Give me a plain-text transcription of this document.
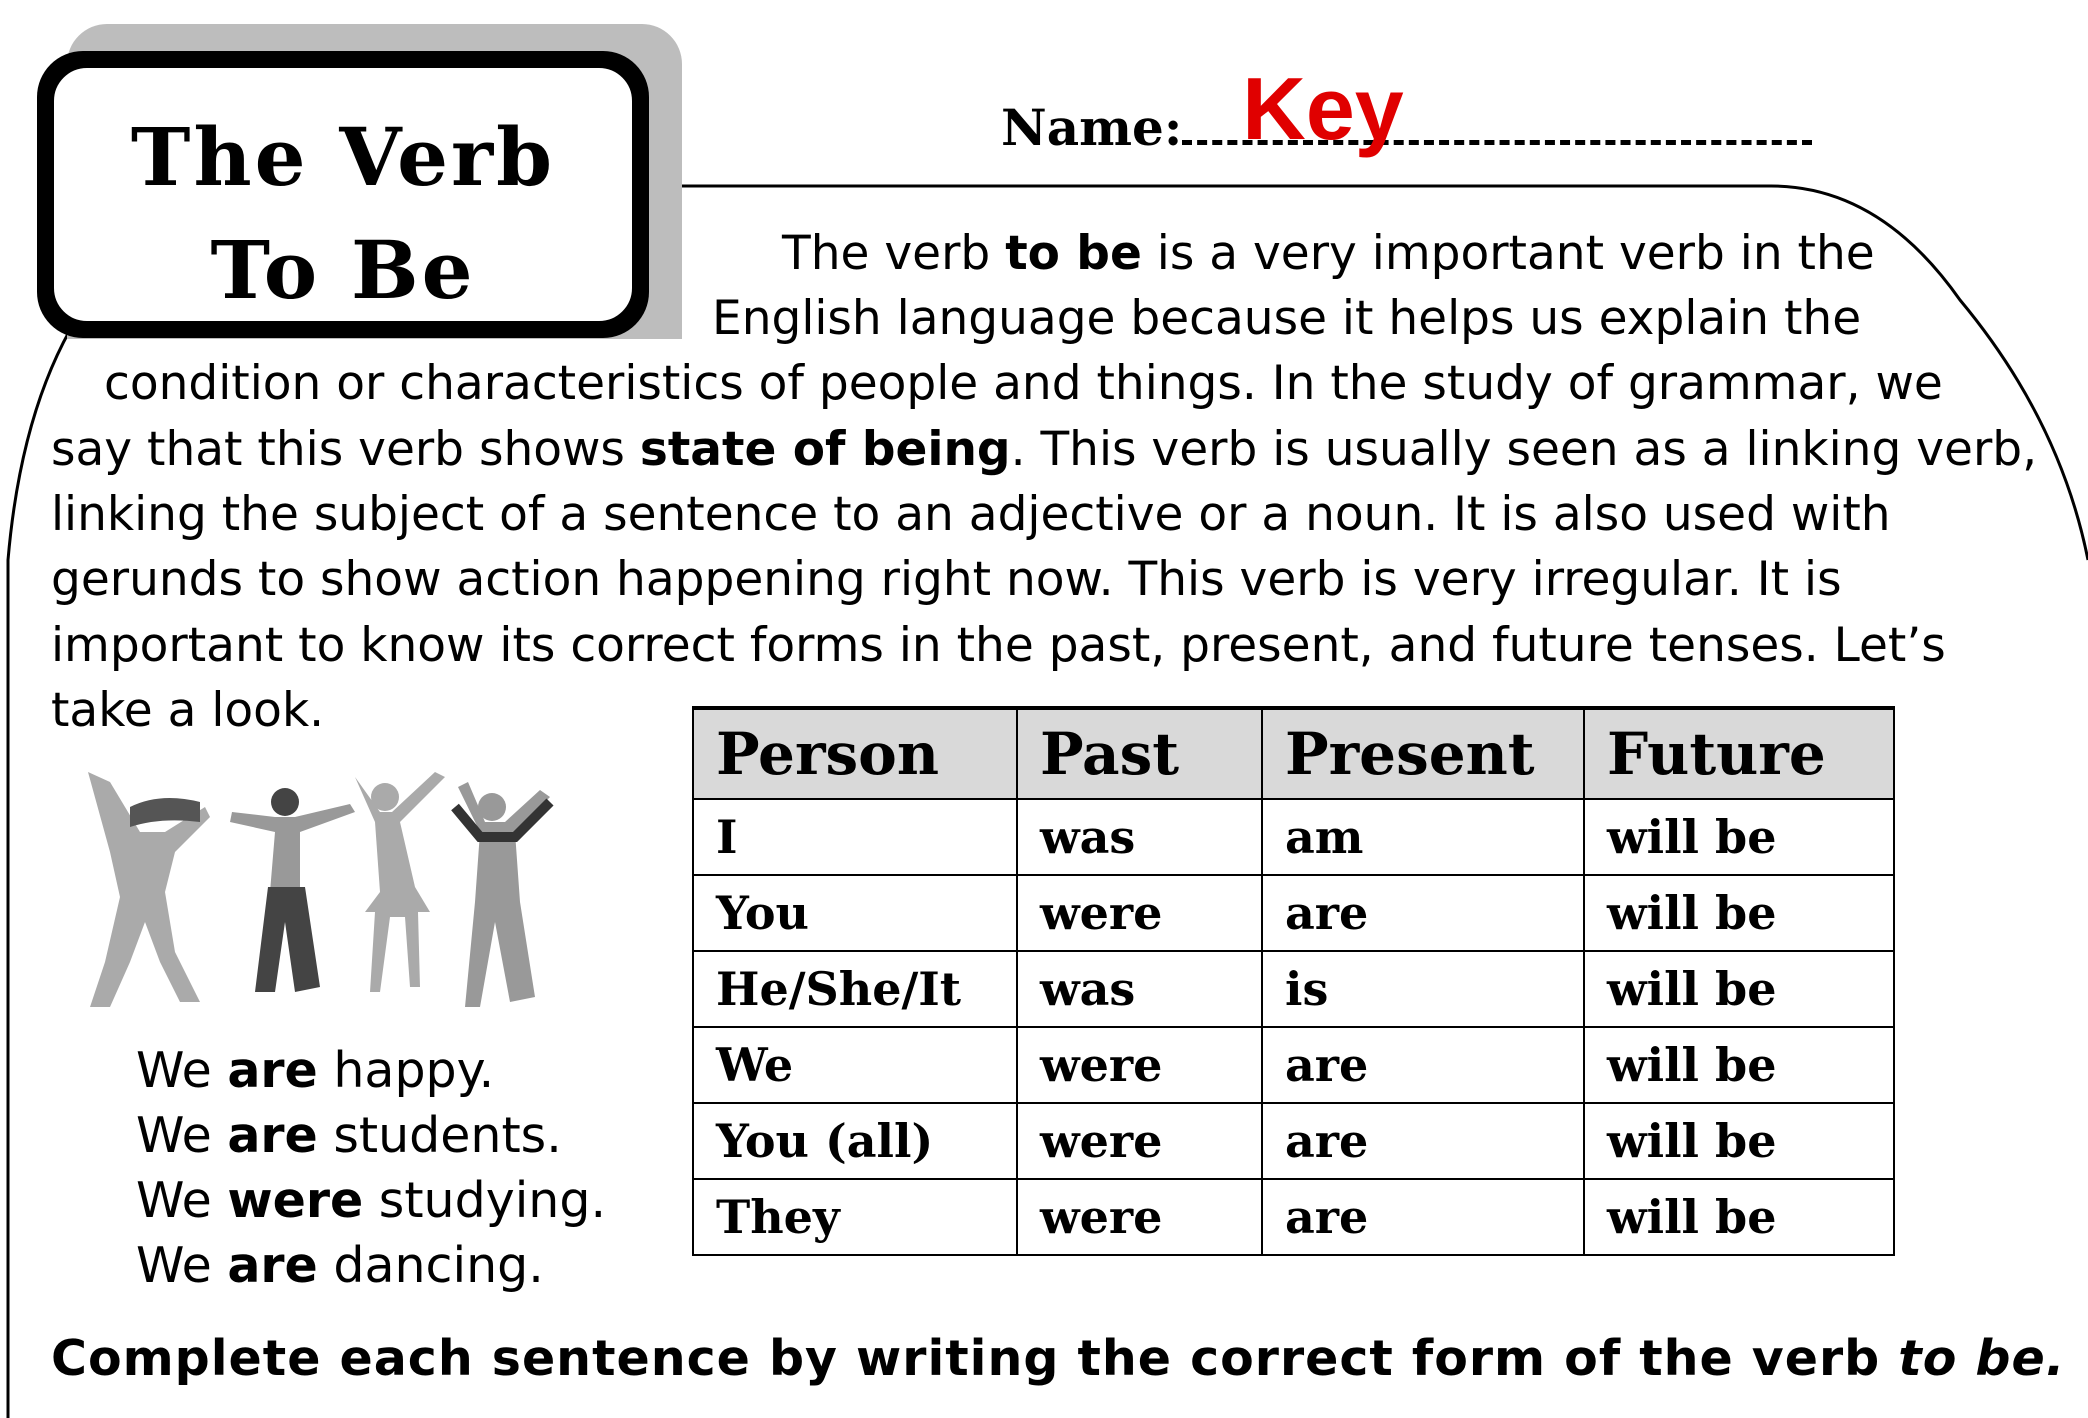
The Verb
To Be
Name: Key
The verb to be is a very important verb in the
English language because it helps us explain the
condition or characteristics of people and things. In the study of grammar, we
say that this verb shows state of being. This verb is usually seen as a linking verb,
linking the subject of a sentence to an adjective or a noun. It is also used with
gerunds to show action happening right now. This verb is very irregular. It is
important to know its correct forms in the past, present, and future tenses. Let’s
take a look.
Person	Past	Present	Future
I	was	am	will be
You	were	are	will be
He/She/It	was	is	will be
We	were	are	will be
You (all)	were	are	will be
They	were	are	will be
We are happy.
We are students.
We were studying.
We are dancing.
Complete each sentence by writing the correct form of the verb to be.
